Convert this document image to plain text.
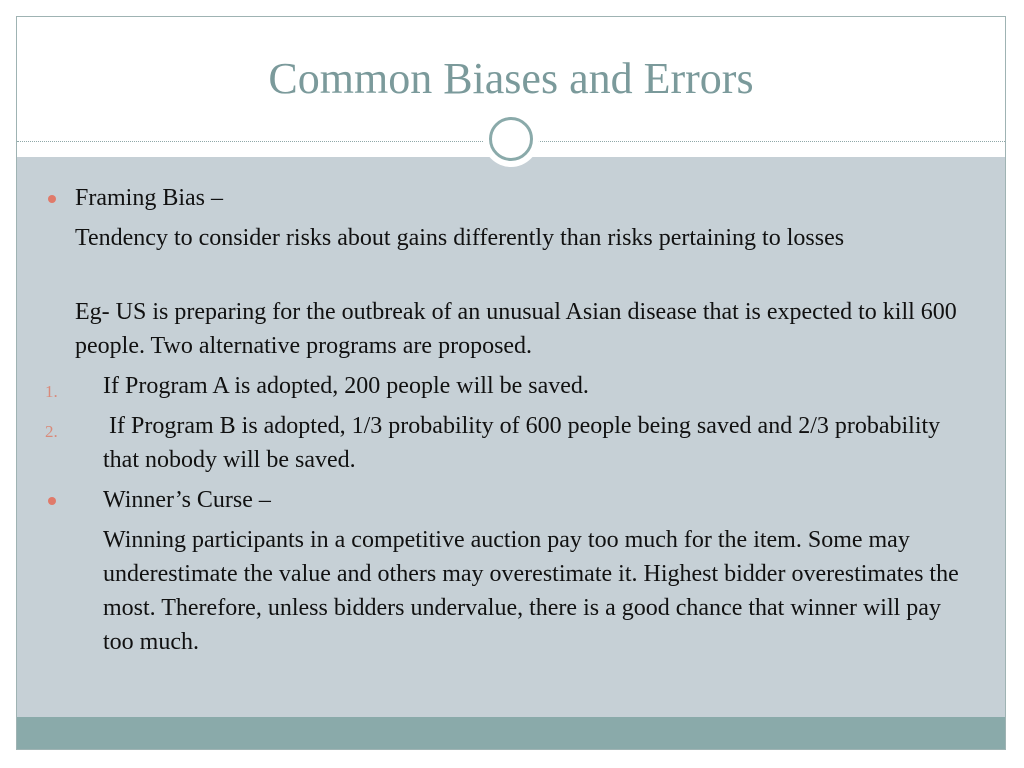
Common Biases and Errors
Framing Bias –
Tendency to consider risks about gains differently than risks pertaining to losses
Eg- US is preparing for the outbreak of an unusual Asian disease that is expected to kill 600 people. Two alternative programs are proposed.
1. If Program A is adopted, 200 people will be saved.
2. If Program B is adopted, 1/3 probability of 600 people being saved and 2/3 probability that nobody will be saved.
Winner’s Curse –
Winning participants in a competitive auction pay too much for the item. Some may underestimate the value and others may overestimate it. Highest bidder overestimates the most. Therefore, unless bidders undervalue, there is a good chance that winner will pay too much.
